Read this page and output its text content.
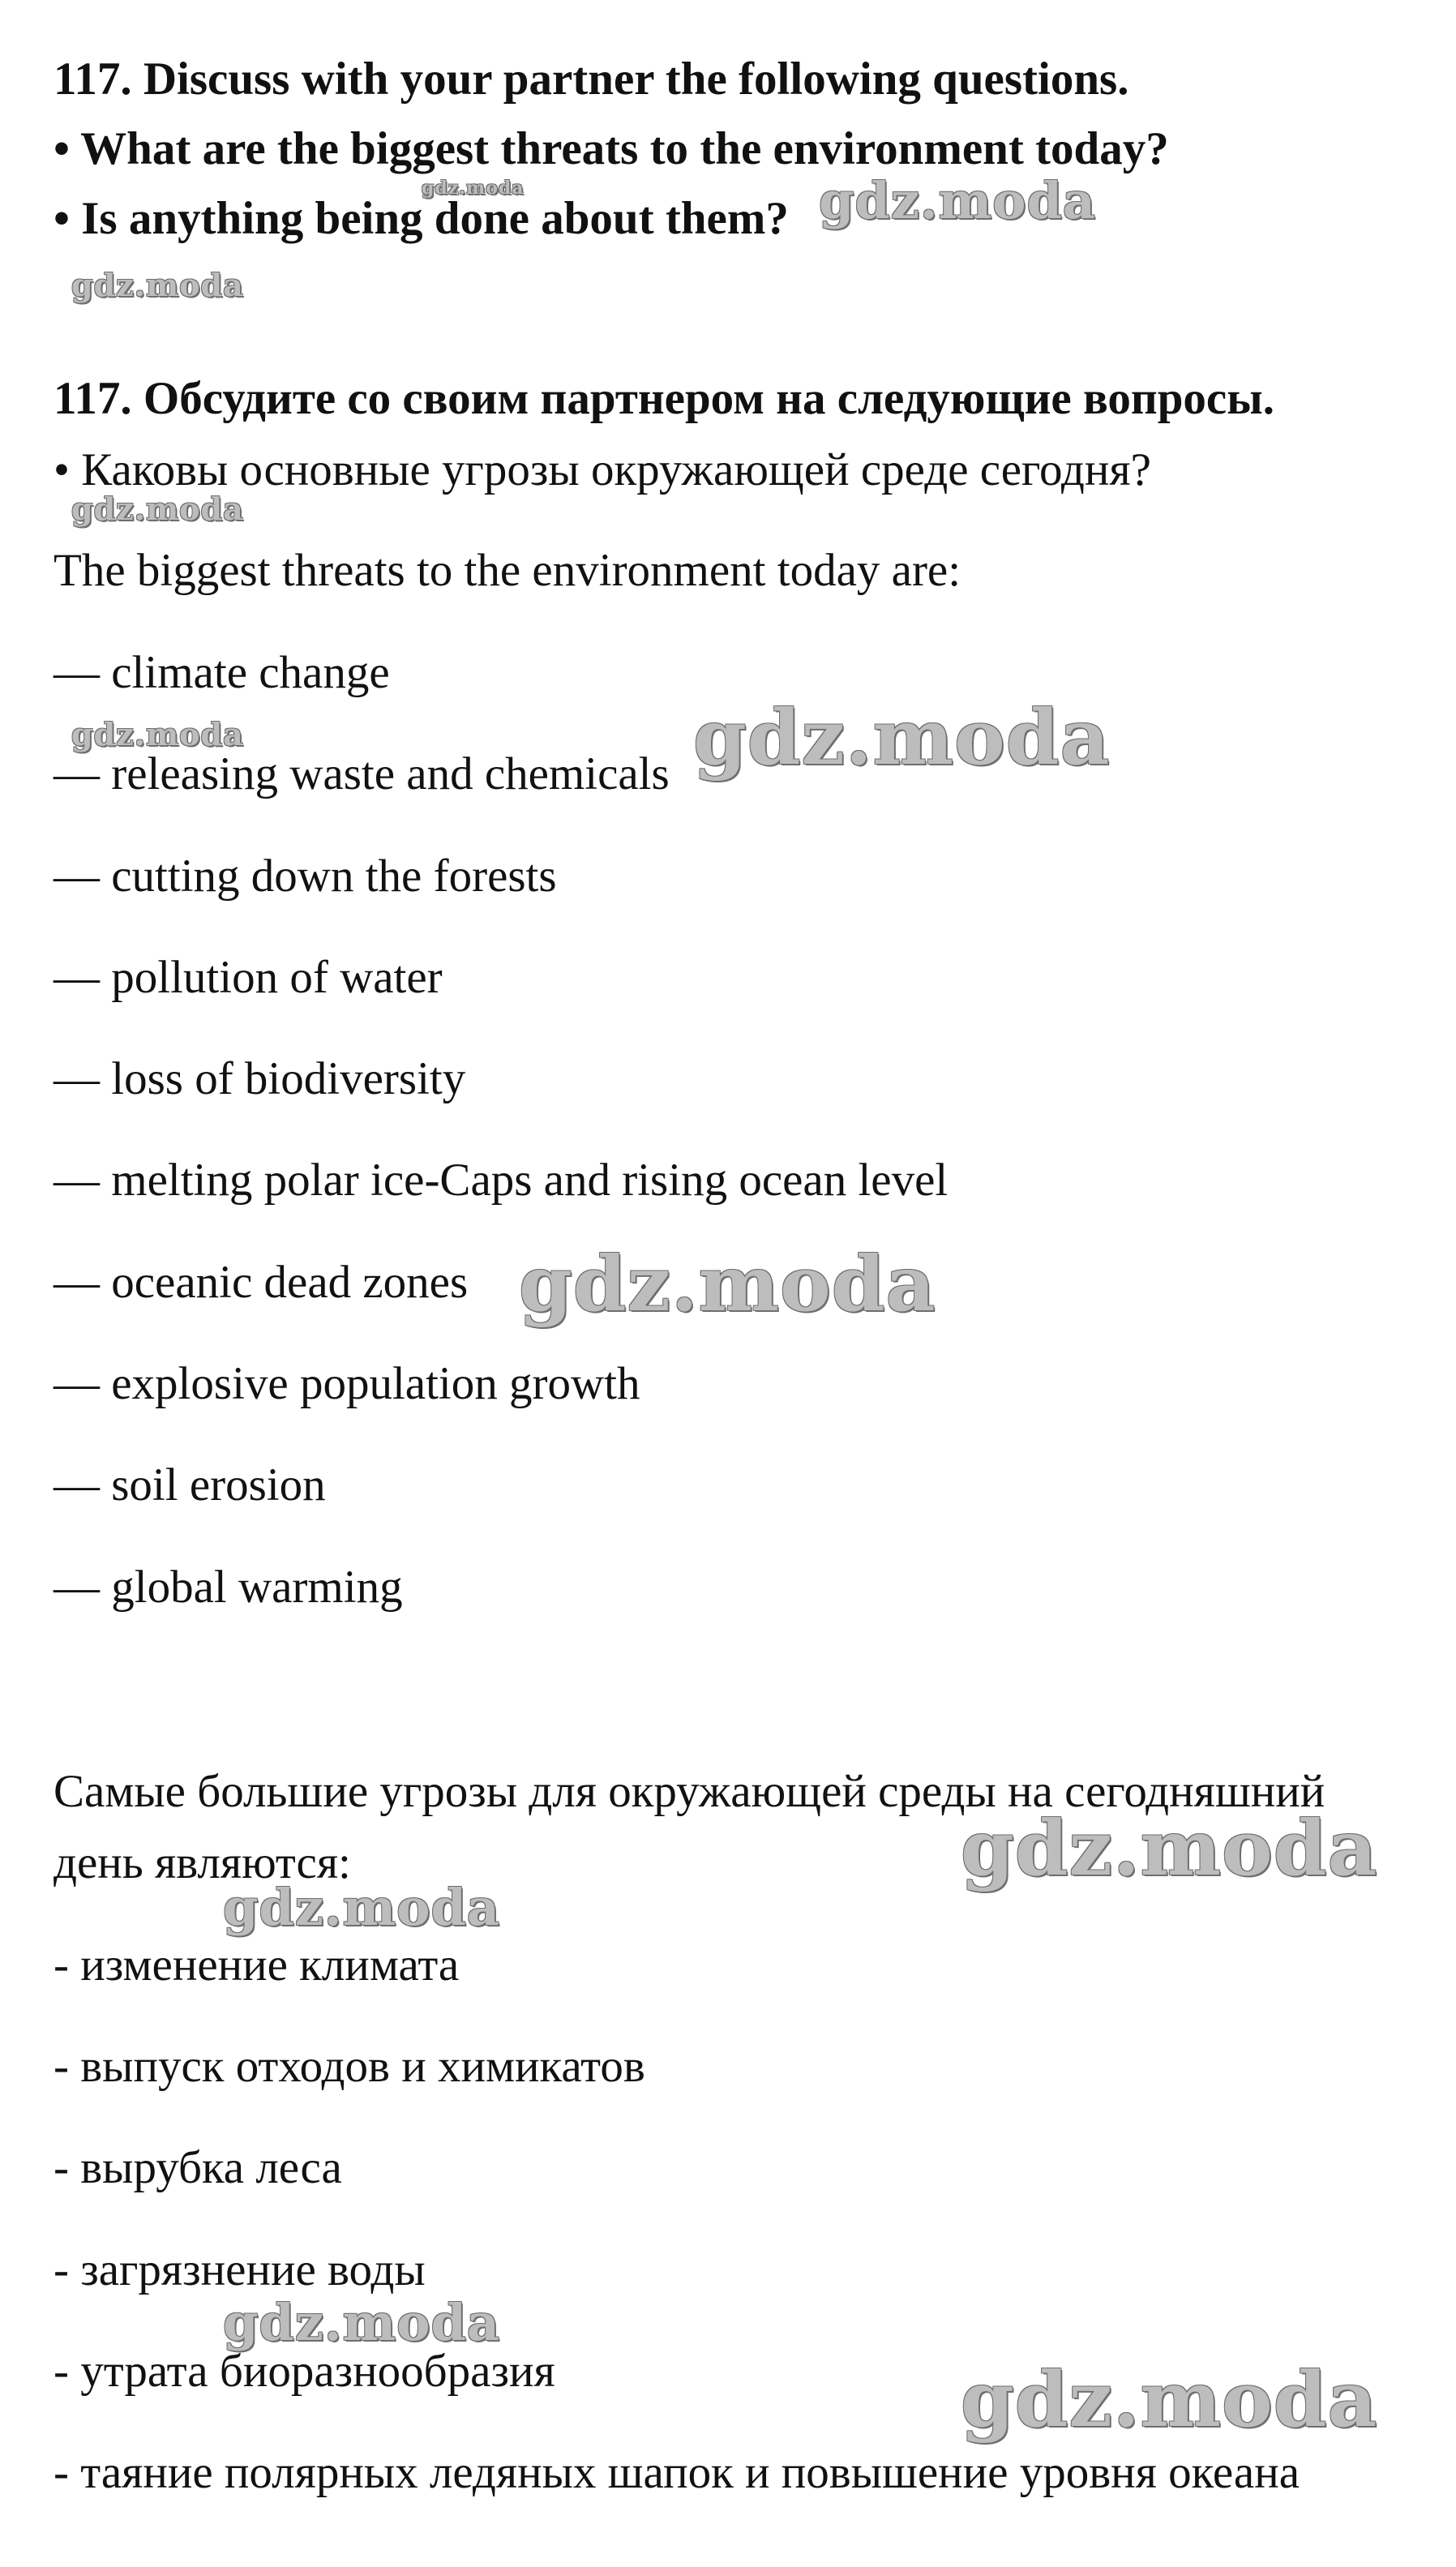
117. Discuss with your partner the following questions.
• What are the biggest threats to the environment today?
• Is anything being done about them?
117. Обсудите со своим партнером на следующие вопросы.
• Каковы основные угрозы окружающей среде сегодня?
The biggest threats to the environment today are:
— climate change
— releasing waste and chemicals
— cutting down the forests
— pollution of water
— loss of biodiversity
— melting polar ice-Caps and rising ocean level
— oceanic dead zones
— explosive population growth
— soil erosion
— global warming
Самые большие угрозы для окружающей среды на сегодняшний
день являются:
- изменение климата
- выпуск отходов и химикатов
- вырубка леса
- загрязнение воды
- утрата биоразнообразия
- таяние полярных ледяных шапок и повышение уровня океана
gdz.moda	gdz.moda
gdz.moda
gdz.moda
gdz.moda	gdz.moda
gdz.moda
gdz.moda
gdz.moda
gdz.moda
gdz.moda
